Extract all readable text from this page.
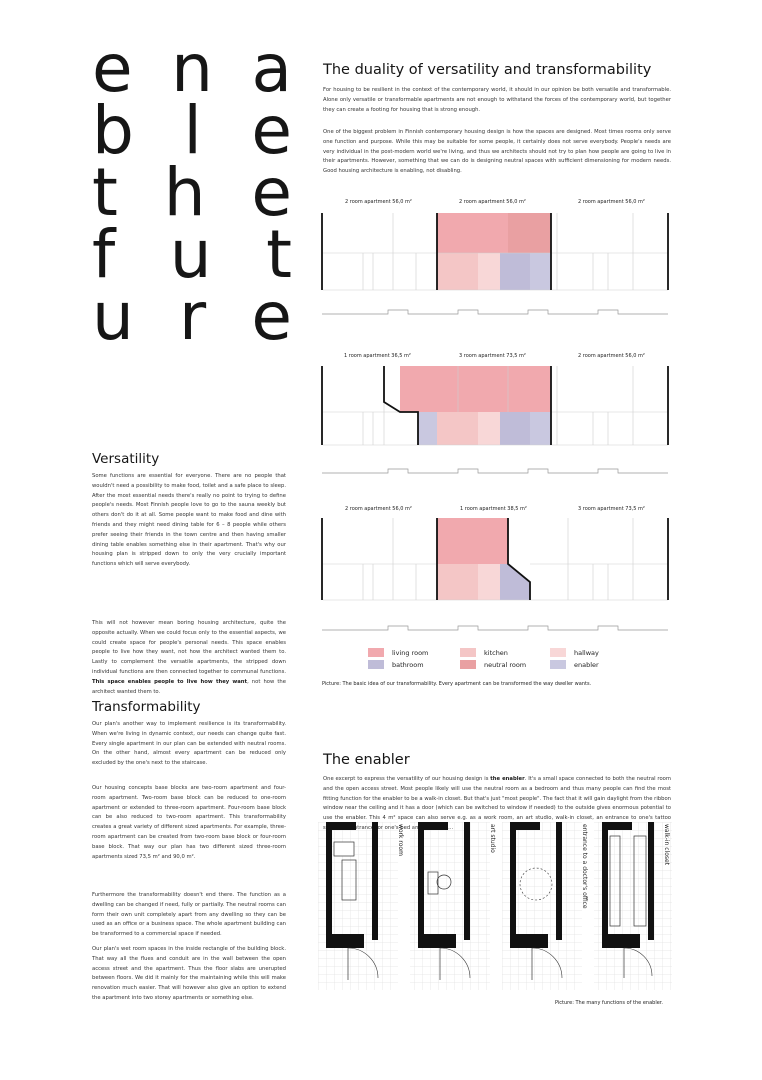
e n a
b l e
t h e
f u t
u r e
The duality of versatility and transformability

For housing to be resilient in the context of the contemporary world, it should in our opinion be both versatile and transformable. Alone only versatile or transformable apartments are not enough to withstand the forces of the contemporary world, but together they can create a footing for housing that is strong enough.

One of the biggest problem in Finnish contemporary housing design is how the spaces are designed. Most times rooms only serve one function and purpose. While this may be suitable for some people, it certainly does not serve everybody. People's needs are very individual in the post-modern world we're living, and thus we architects should not try to plan how people are going to live in their apartments. However, something that we can do is designing neutral spaces with sufficient dimensioning for modern needs. Good housing architecture is enabling, not disabling.

2 room apartment 56,0 m²	2 room apartment 56,0 m²	2 room apartment 56,0 m²
1 room apartment 36,5 m²	3 room apartment 73,5 m²	2 room apartment 56,0 m²
2 room apartment 56,0 m²	1 room apartment 38,5 m²	3 room apartment 73,5 m²
living room
bathroom
kitchen
neutral room
hallway
enabler
Picture: The basic idea of our transformability. Every apartment can be transformed the way dweller wants.
Versatility

Some functions are essential for everyone. There are no people that wouldn't need a possibility to make food, toilet and a safe place to sleep. After the most essential needs there's really no point to trying to define people's needs. Most Finnish people love to go to the sauna weekly but others don't do it at all. Some people want to make food and dine with friends and they might need dining table for 6 – 8 people while others prefer seeing their friends in the town centre and then having smaller dining table enables something else in their apartment. That's why our housing plan is stripped down to only the very crucially important functions which will serve everybody.

This will not however mean boring housing architecture, quite the opposite actually. When we could focus only to the essential aspects, we could create space for people's personal needs. This space enables people to live how they want, not how the architect wanted them to. Lastly to complement the versatile apartments, the stripped down individual functions are then connected together to communal functions. This space enables people to live how they want, not how the architect wanted them to.

Transformability

Our plan's another way to implement resilience is its transformability. When we're living in dynamic context, our needs can change quite fast. Every single apartment in our plan can be extended with neutral rooms. On the other hand, almost every apartment can be reduced only excluded by the one's next to the staircase.

Our housing concepts base blocks are two-room apartment and four-room apartment. Two-room base block can be reduced to one-room apartment or extended to three-room apartment. Four-room base block can be also reduced to two-room apartment. This transformability creates a great variety of different sized apartments. For example, three-room apartment can be created from two-room base block or four-room base block. That way our plan has two different sized three-room apartments sized 73,5 m² and 90,0 m².

Furthermore the transformability doesn't end there. The function as a dwelling can be changed if need, fully or partially. The neutral rooms can form their own unit completely apart from any dwelling so they can be used as an office or a business space. The whole apartment building can be transformed to a commercial space if needed.

Our plan's wet room spaces in the inside rectangle of the building block. That way all the flues and conduit are in the wall between the open access street and the apartment. Thus the floor slabs are unerupted between floors. We did it mainly for the maintaining while this will make renovation much easier. That will however also give an option to extend the apartment into two storey apartments or something else.

The enabler

One excerpt to express the versatility of our housing design is the enabler. It's a small space connected to both the neutral room and the open access street. Most people likely will use the neutral room as a bedroom and thus many people can find the most fitting function for the enabler to be a walk-in closet. But that's just "most people". The fact that it will gain daylight from the ribbon window near the ceiling and it has a door (which can be switched to window if needed) to the outside gives enormous potential to use the enabler. This 4 m² space can also serve e.g. as a work room, an art studio, walk-in closet, an entrance to one's tattoo bed

work room	art studio	entrance to a doctor's office	walk-in closet
Picture: The many functions of the enabler.
